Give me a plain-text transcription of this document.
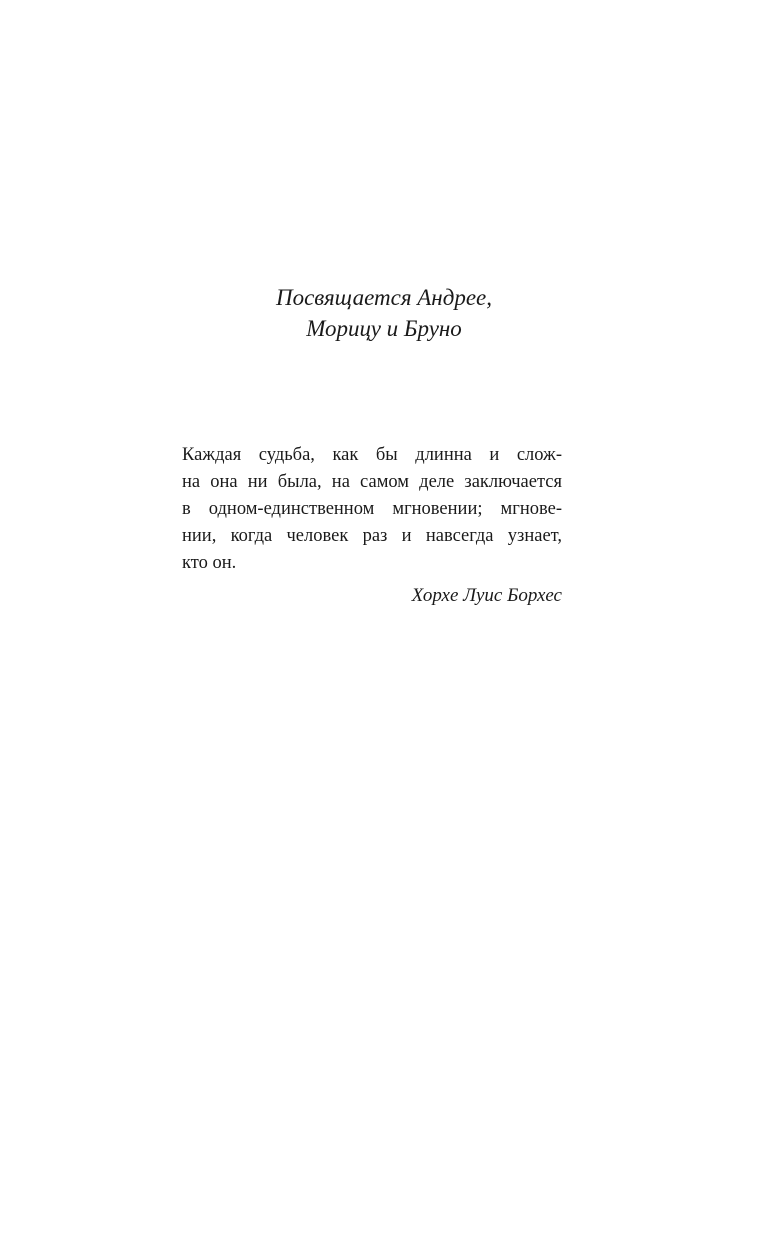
Посвящается Андрее,
Морицу и Бруно
Каждая судьба, как бы длинна и слож-
на она ни была, на самом деле заключается
в одном-единственном мгновении; мгнове-
нии, когда человек раз и навсегда узнает,
кто он.
Хорхе Луис Борхес
